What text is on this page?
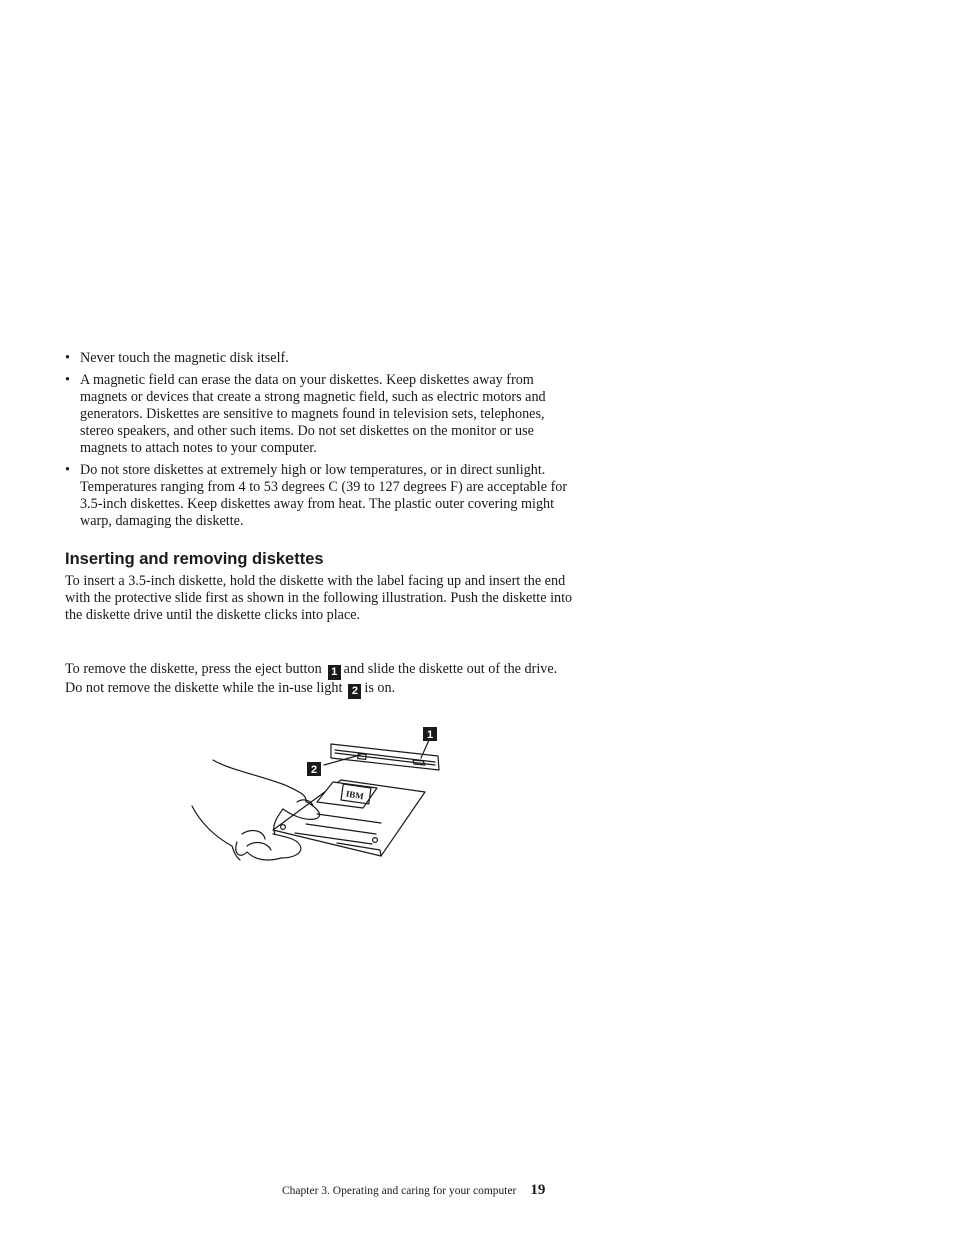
• Never touch the magnetic disk itself.
• A magnetic field can erase the data on your diskettes. Keep diskettes away from magnets or devices that create a strong magnetic field, such as electric motors and generators. Diskettes are sensitive to magnets found in television sets, telephones, stereo speakers, and other such items. Do not set diskettes on the monitor or use magnets to attach notes to your computer.
• Do not store diskettes at extremely high or low temperatures, or in direct sunlight. Temperatures ranging from 4 to 53 degrees C (39 to 127 degrees F) are acceptable for 3.5-inch diskettes. Keep diskettes away from heat. The plastic outer covering might warp, damaging the diskette.
Inserting and removing diskettes

To insert a 3.5-inch diskette, hold the diskette with the label facing up and insert the end with the protective slide first as shown in the following illustration. Push the diskette into the diskette drive until the diskette clicks into place.

To remove the diskette, press the eject button 1 and slide the diskette out of the drive. Do not remove the diskette while the in-use light 2 is on.

IBM
1
2
Chapter 3. Operating and caring for your computer 19
